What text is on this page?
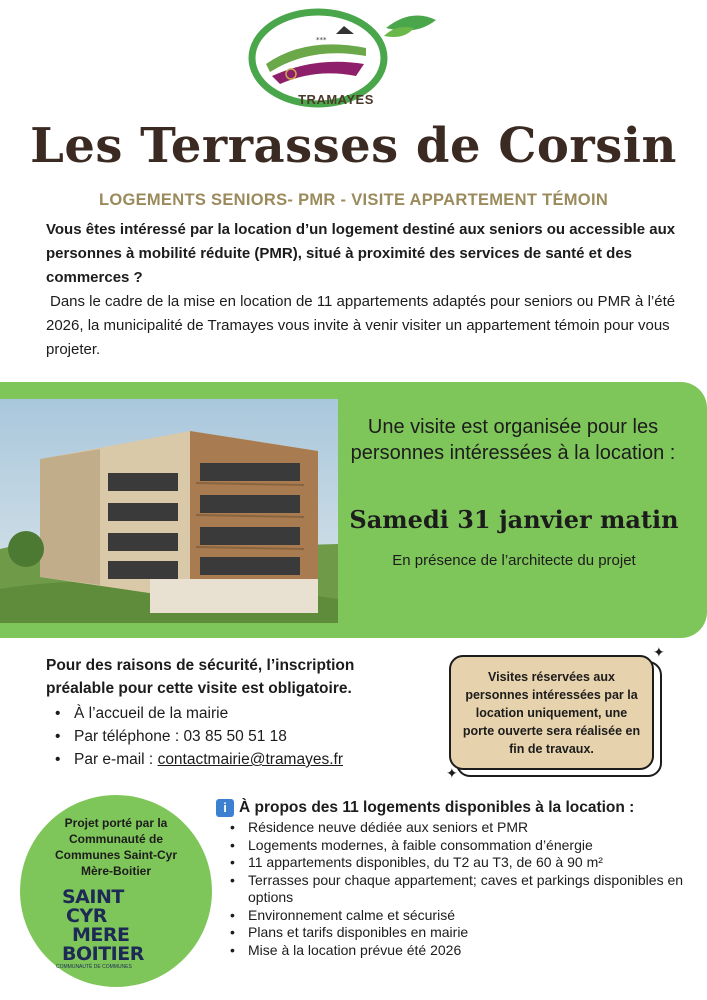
***
TRAMAYES
Les Terrasses de Corsin
LOGEMENTS SENIORS- PMR - VISITE APPARTEMENT TÉMOIN

Vous êtes intéressé par la location d’un logement destiné aux seniors ou accessible aux personnes à mobilité réduite (PMR), situé à proximité des services de santé et des commerces ?

Dans le cadre de la mise en location de 11 appartements adaptés pour seniors ou PMR à l’été 2026, la municipalité de Tramayes vous invite à venir visiter un appartement témoin pour vous projeter.

Une visite est organisée pour les personnes intéressées à la location :
Samedi 31 janvier matin
En présence de l’architecte du projet
Pour des raisons de sécurité, l’inscription préalable pour cette visite est obligatoire.
• À l’accueil de la mairie
• Par téléphone : 03 85 50 51 18
• Par e-mail : contactmairie@tramayes.fr
Visites réservées aux personnes intéressées par la location uniquement, une porte ouverte sera réalisée en fin de travaux.
✦
✦
Projet porté par la Communauté de Communes Saint-Cyr Mère-Boitier
SAINT
CYR
MERE
BOITIER
COMMUNAUTÉ DE COMMUNES
i À propos des 11 logements disponibles à la location :
• Résidence neuve dédiée aux seniors et PMR
• Logements modernes, à faible consommation d’énergie
• 11 appartements disponibles, du T2 au T3, de 60 à 90 m²
• Terrasses pour chaque appartement; caves et parkings disponibles en options
• Environnement calme et sécurisé
• Plans et tarifs disponibles en mairie
• Mise à la location prévue été 2026
